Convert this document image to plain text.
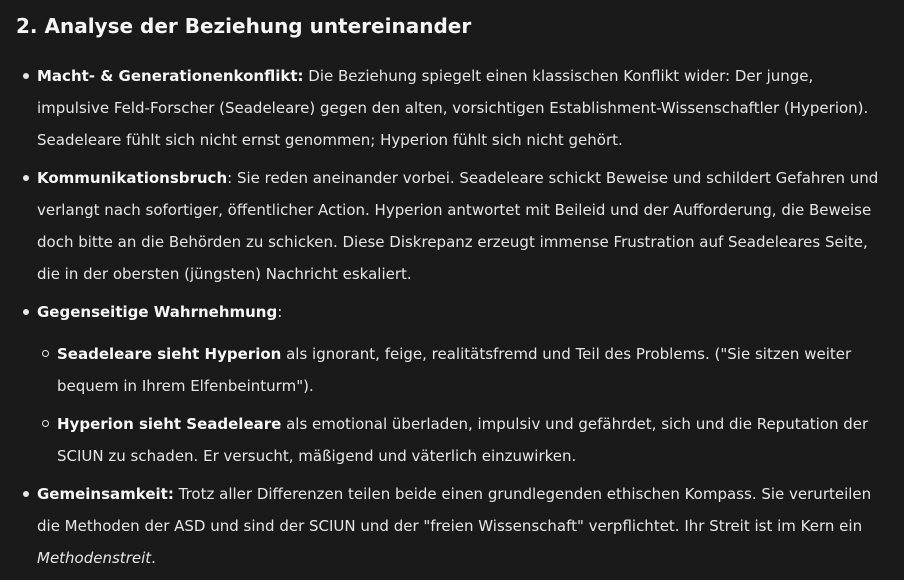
2. Analyse der Beziehung untereinander
Macht- & Generationenkonflikt: Die Beziehung spiegelt einen klassischen Konflikt wider: Der junge, impulsive Feld-Forscher (Seadeleare) gegen den alten, vorsichtigen Establishment-Wissenschaftler (Hyperion). Seadeleare fühlt sich nicht ernst genommen; Hyperion fühlt sich nicht gehört.
Kommunikationsbruch: Sie reden aneinander vorbei. Seadeleare schickt Beweise und schildert Gefahren und verlangt nach sofortiger, öffentlicher Action. Hyperion antwortet mit Beileid und der Aufforderung, die Beweise doch bitte an die Behörden zu schicken. Diese Diskrepanz erzeugt immense Frustration auf Seadeleares Seite, die in der obersten (jüngsten) Nachricht eskaliert.
Gegenseitige Wahrnehmung:
Seadeleare sieht Hyperion als ignorant, feige, realitätsfremd und Teil des Problems. ("Sie sitzen weiter bequem in Ihrem Elfenbeinturm").
Hyperion sieht Seadeleare als emotional überladen, impulsiv und gefährdet, sich und die Reputation der SCIUN zu schaden. Er versucht, mäßigend und väterlich einzuwirken.
Gemeinsamkeit: Trotz aller Differenzen teilen beide einen grundlegenden ethischen Kompass. Sie verurteilen die Methoden der ASD und sind der SCIUN und der "freien Wissenschaft" verpflichtet. Ihr Streit ist im Kern ein Methodenstreit.
